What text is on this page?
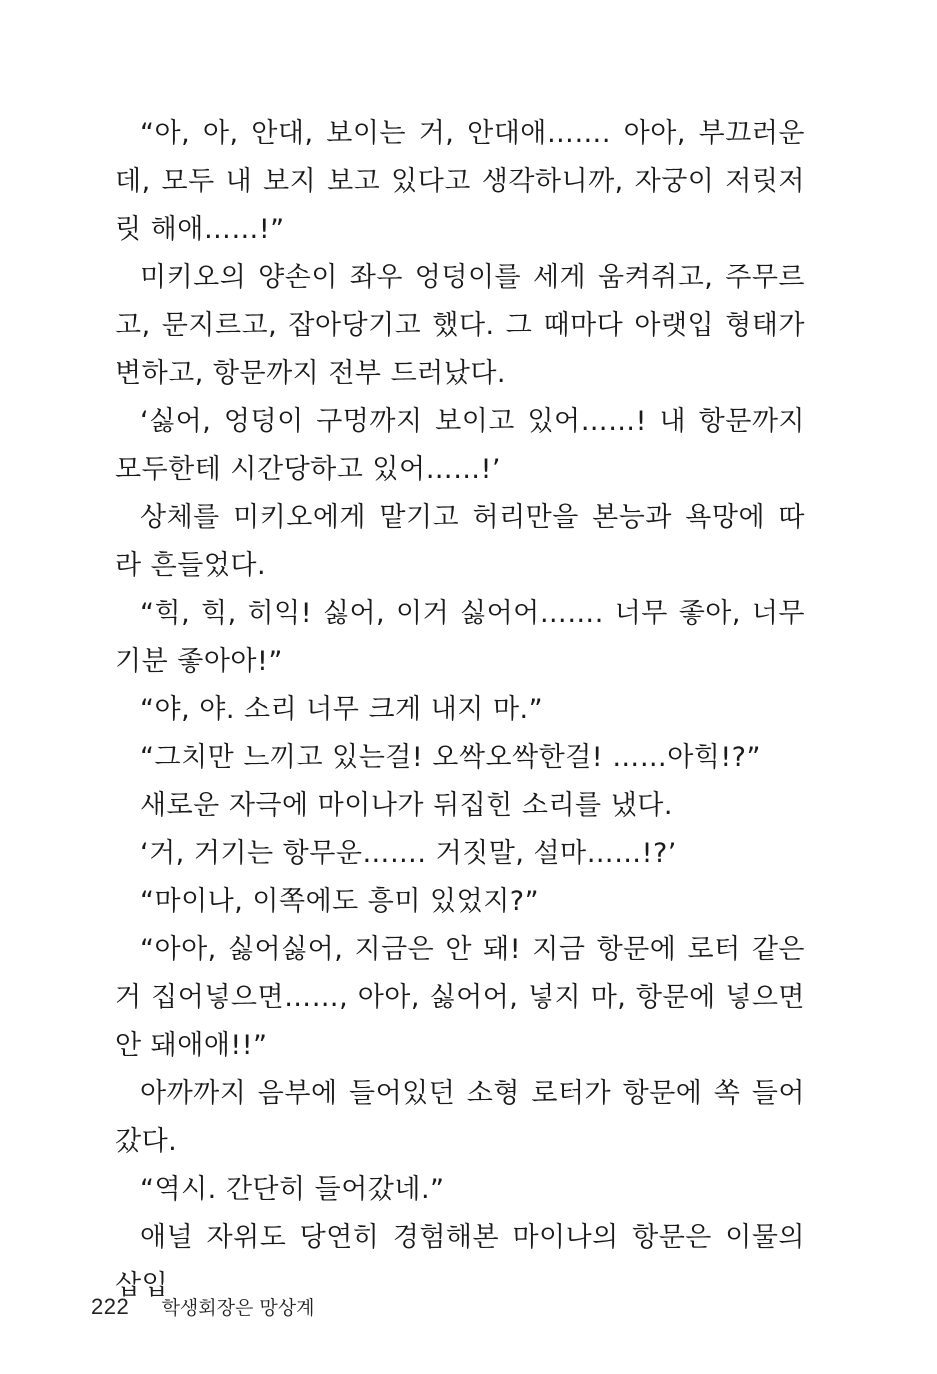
“아, 아, 안대, 보이는 거, 안대애……. 아아, 부끄러운데, 모두 내 보지 보고 있다고 생각하니까, 자궁이 저릿저릿 해애……!”

미키오의 양손이 좌우 엉덩이를 세게 움켜쥐고, 주무르고, 문지르고, 잡아당기고 했다. 그 때마다 아랫입 형태가 변하고, 항문까지 전부 드러났다.

‘싫어, 엉덩이 구멍까지 보이고 있어……! 내 항문까지 모두한테 시간당하고 있어……!’

상체를 미키오에게 맡기고 허리만을 본능과 욕망에 따라 흔들었다.

“힉, 힉, 히익! 싫어, 이거 싫어어……. 너무 좋아, 너무 기분 좋아아!”

“야, 야. 소리 너무 크게 내지 마.”

“그치만 느끼고 있는걸! 오싹오싹한걸! ……아힉!?”

새로운 자극에 마이나가 뒤집힌 소리를 냈다.

‘거, 거기는 항무운……. 거짓말, 설마……!?’

“마이나, 이쪽에도 흥미 있었지?”

“아아, 싫어싫어, 지금은 안 돼! 지금 항문에 로터 같은 거 집어넣으면……, 아아, 싫어어, 넣지 마, 항문에 넣으면 안 돼애애!!”

아까까지 음부에 들어있던 소형 로터가 항문에 쏙 들어갔다.

“역시. 간단히 들어갔네.”

애널 자위도 당연히 경험해본 마이나의 항문은 이물의 삽입

222 학생회장은 망상계
